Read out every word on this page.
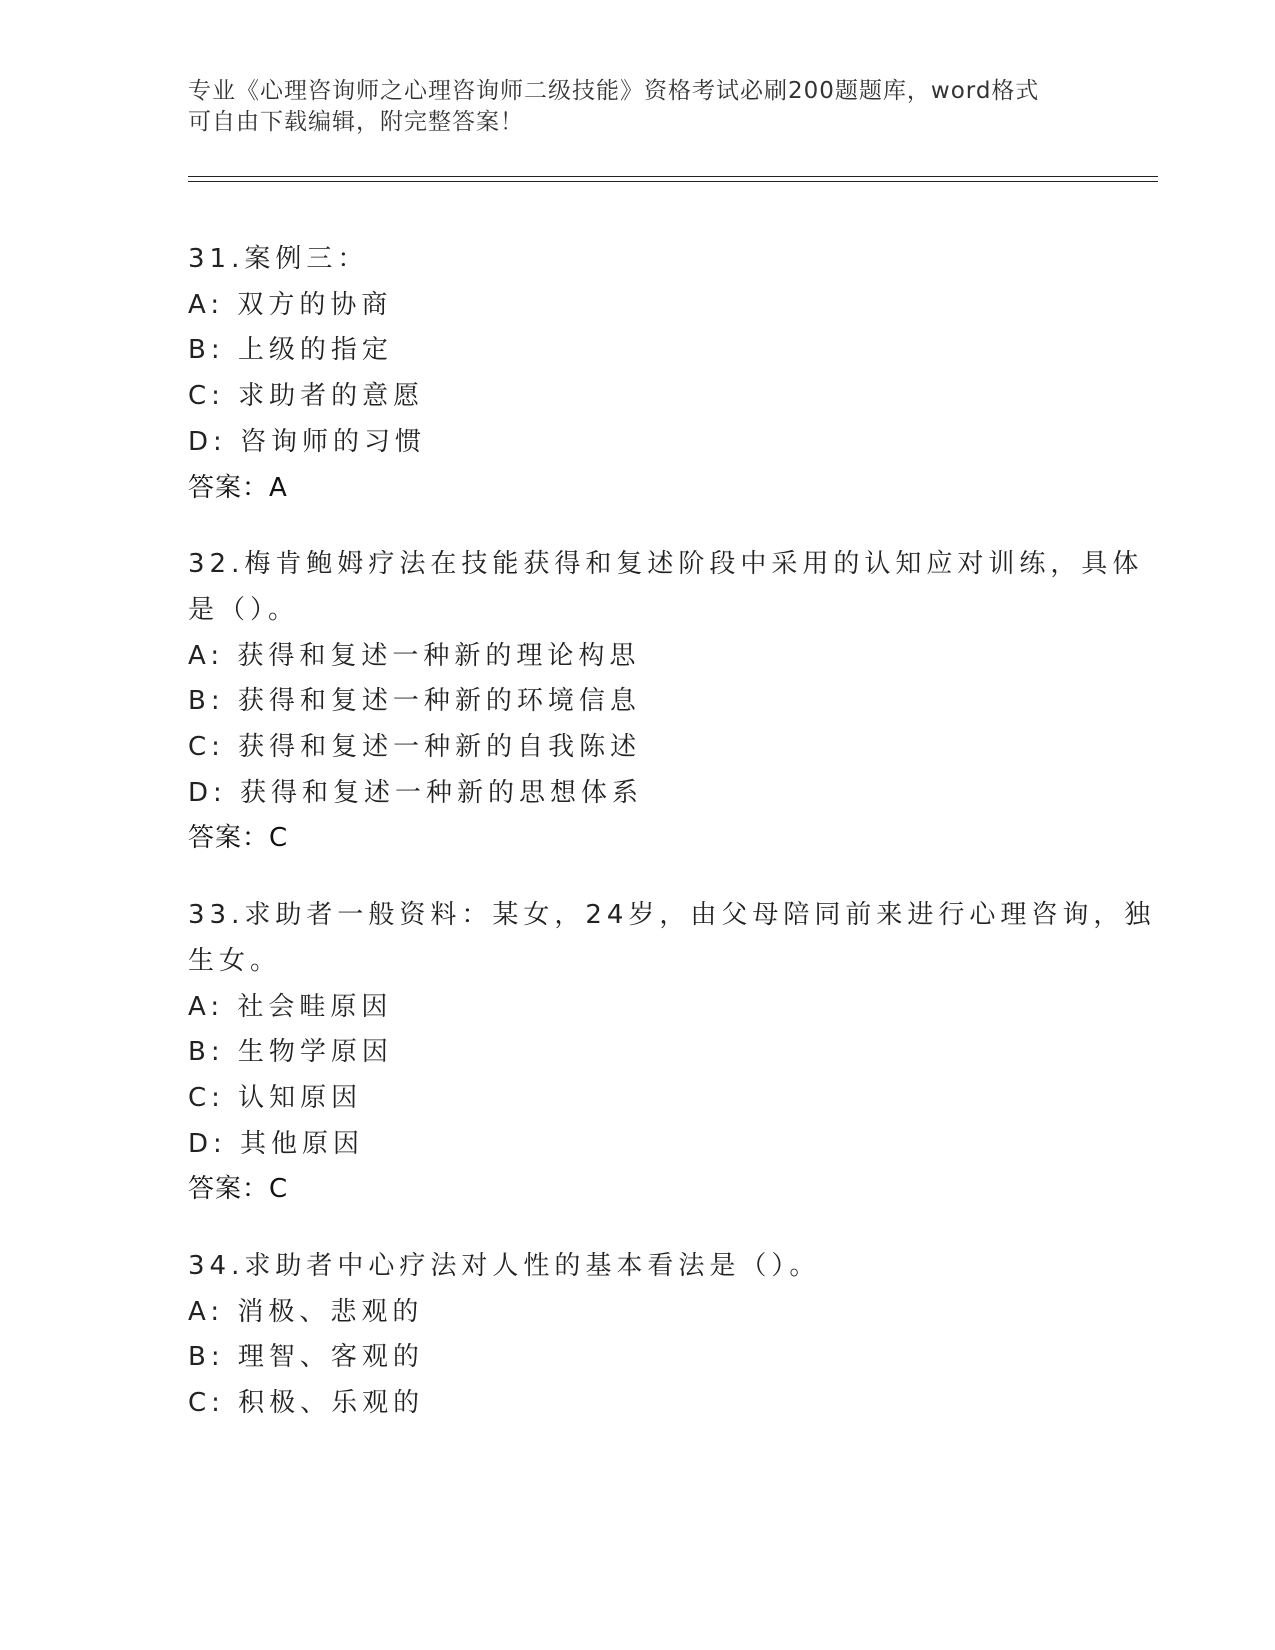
专业《心理咨询师之心理咨询师二级技能》资格考试必刷200题题库，word格式
可自由下载编辑，附完整答案！
31.案例三：
A: 双方的协商
B: 上级的指定
C: 求助者的意愿
D: 咨询师的习惯
答案：A
32.梅肯鲍姆疗法在技能获得和复述阶段中采用的认知应对训练，具体
是（）。
A: 获得和复述一种新的理论构思
B: 获得和复述一种新的环境信息
C: 获得和复述一种新的自我陈述
D: 获得和复述一种新的思想体系
答案：C
33.求助者一般资料：某女，24岁，由父母陪同前来进行心理咨询，独
生女。
A: 社会畦原因
B: 生物学原因
C: 认知原因
D: 其他原因
答案：C
34.求助者中心疗法对人性的基本看法是（）。
A: 消极、悲观的
B: 理智、客观的
C: 积极、乐观的
